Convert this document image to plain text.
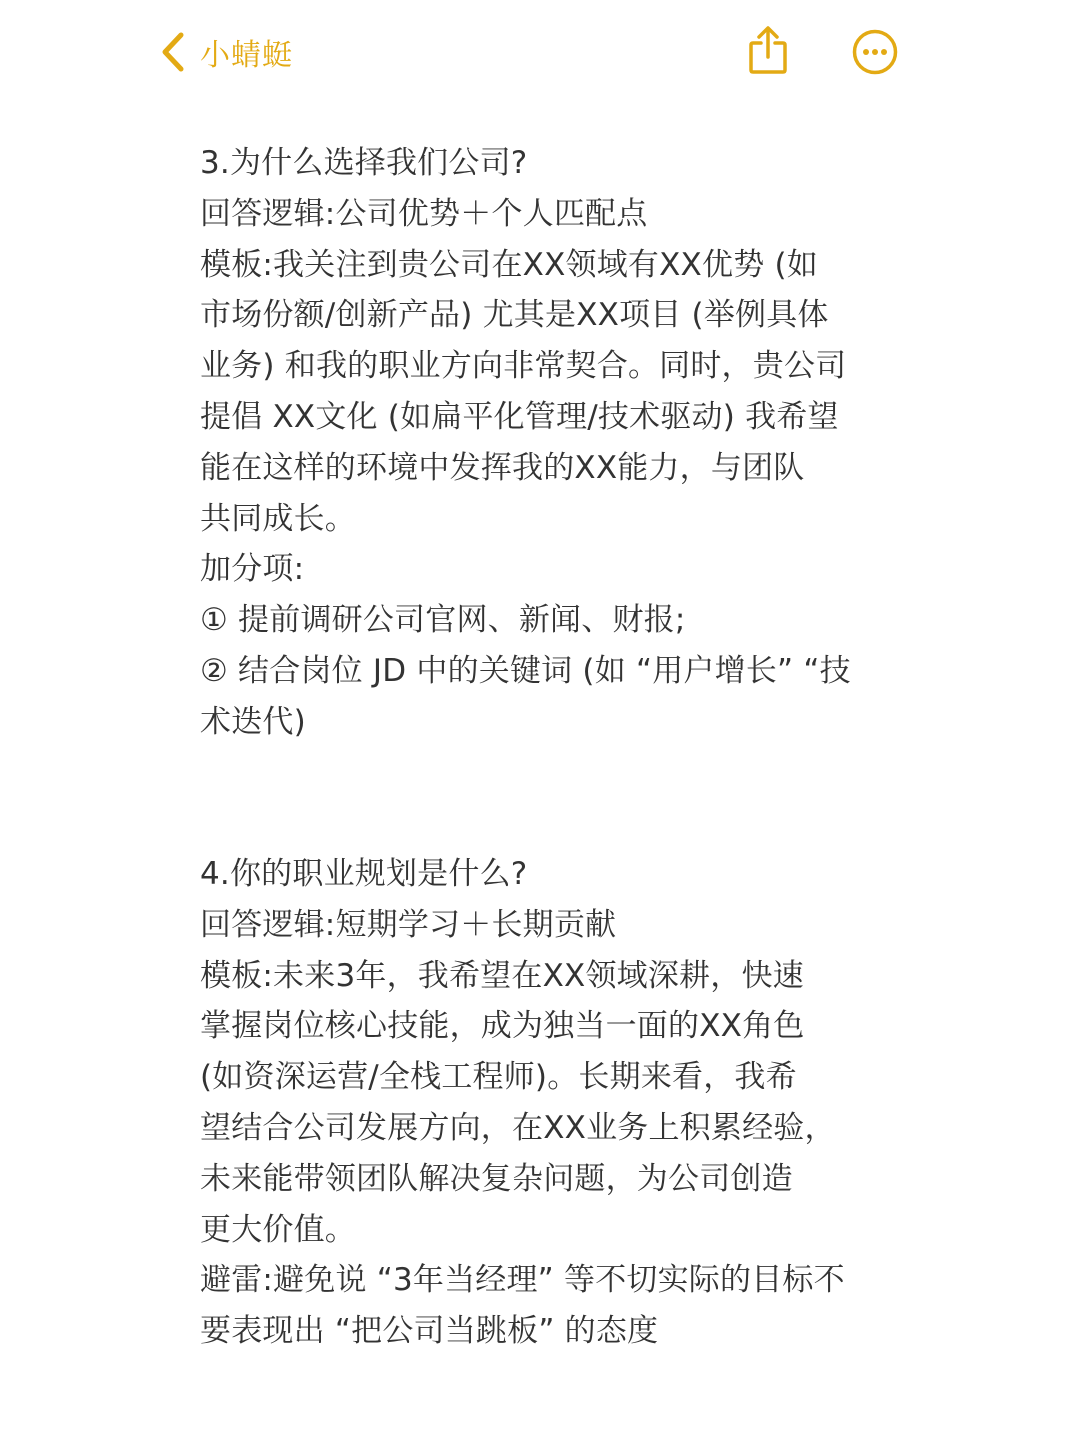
小蜻蜓
3.为什么选择我们公司?
回答逻辑:公司优势＋个人匹配点
模板:我关注到贵公司在XX领域有XX优势 (如
市场份额/创新产品) 尤其是XX项目 (举例具体
业务) 和我的职业方向非常契合。同时，贵公司
提倡 XX文化 (如扁平化管理/技术驱动) 我希望
能在这样的环境中发挥我的XX能力，与团队
共同成长。
加分项:
① 提前调研公司官网、新闻、财报;
② 结合岗位 JD 中的关键词 (如 “用户增长” “技
术迭代)
4.你的职业规划是什么?
回答逻辑:短期学习＋长期贡献
模板:未来3年，我希望在XX领域深耕，快速
掌握岗位核心技能，成为独当一面的XX角色
(如资深运营/全栈工程师)。长期来看，我希
望结合公司发展方向，在XX业务上积累经验，
未来能带领团队解决复杂问题，为公司创造
更大价值。
避雷:避免说 “3年当经理” 等不切实际的目标不
要表现出 “把公司当跳板” 的态度
